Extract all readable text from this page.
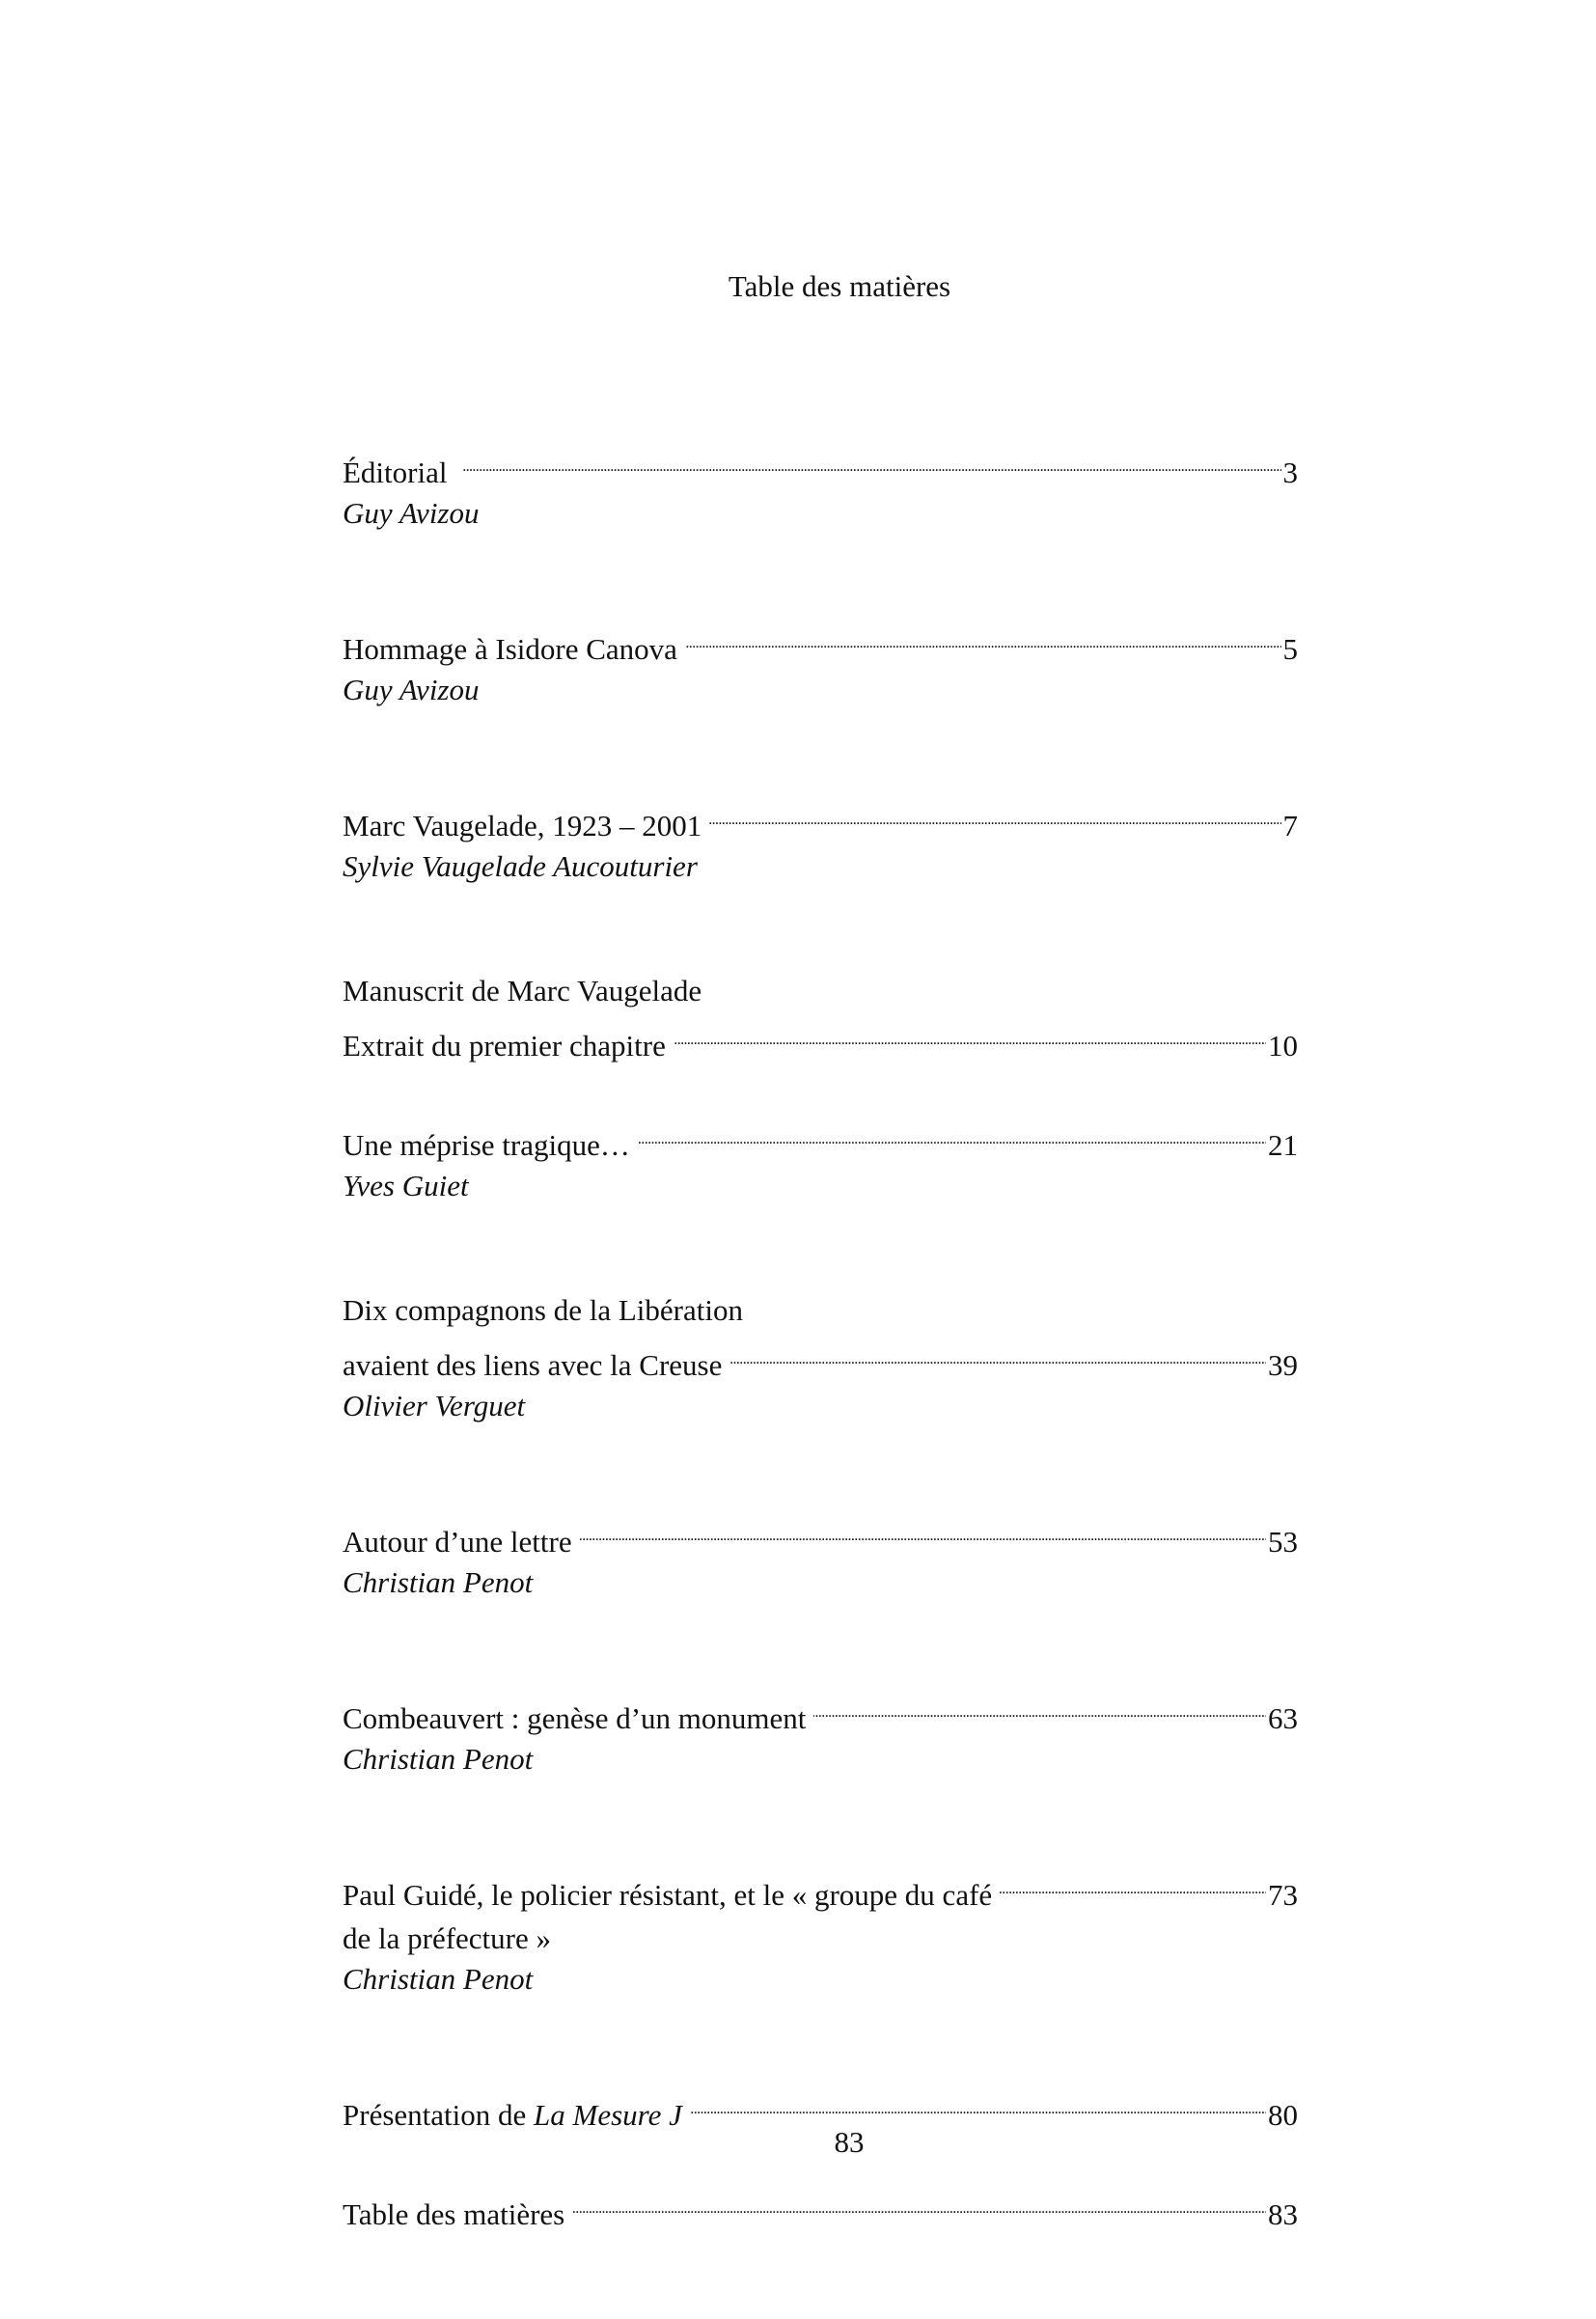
Table des matières
Éditorial . . .	3
Guy Avizou
Hommage à Isidore Canova . . .	5
Guy Avizou
Marc Vaugelade, 1923 – 2001 . . .	7
Sylvie Vaugelade Aucouturier
Manuscrit de Marc Vaugelade
Extrait du premier chapitre . . .	10
Une méprise tragique… . . .	21
Yves Guiet
Dix compagnons de la Libération
avaient des liens avec la Creuse . . .	39
Olivier Verguet
Autour d’une lettre . . .	53
Christian Penot
Combeauvert : genèse d’un monument . . .	63
Christian Penot
Paul Guidé, le policier résistant, et le « groupe du café . . .	73
de la préfecture »
Christian Penot
Présentation de La Mesure J . . .	80
Table des matières . . .	83
83
